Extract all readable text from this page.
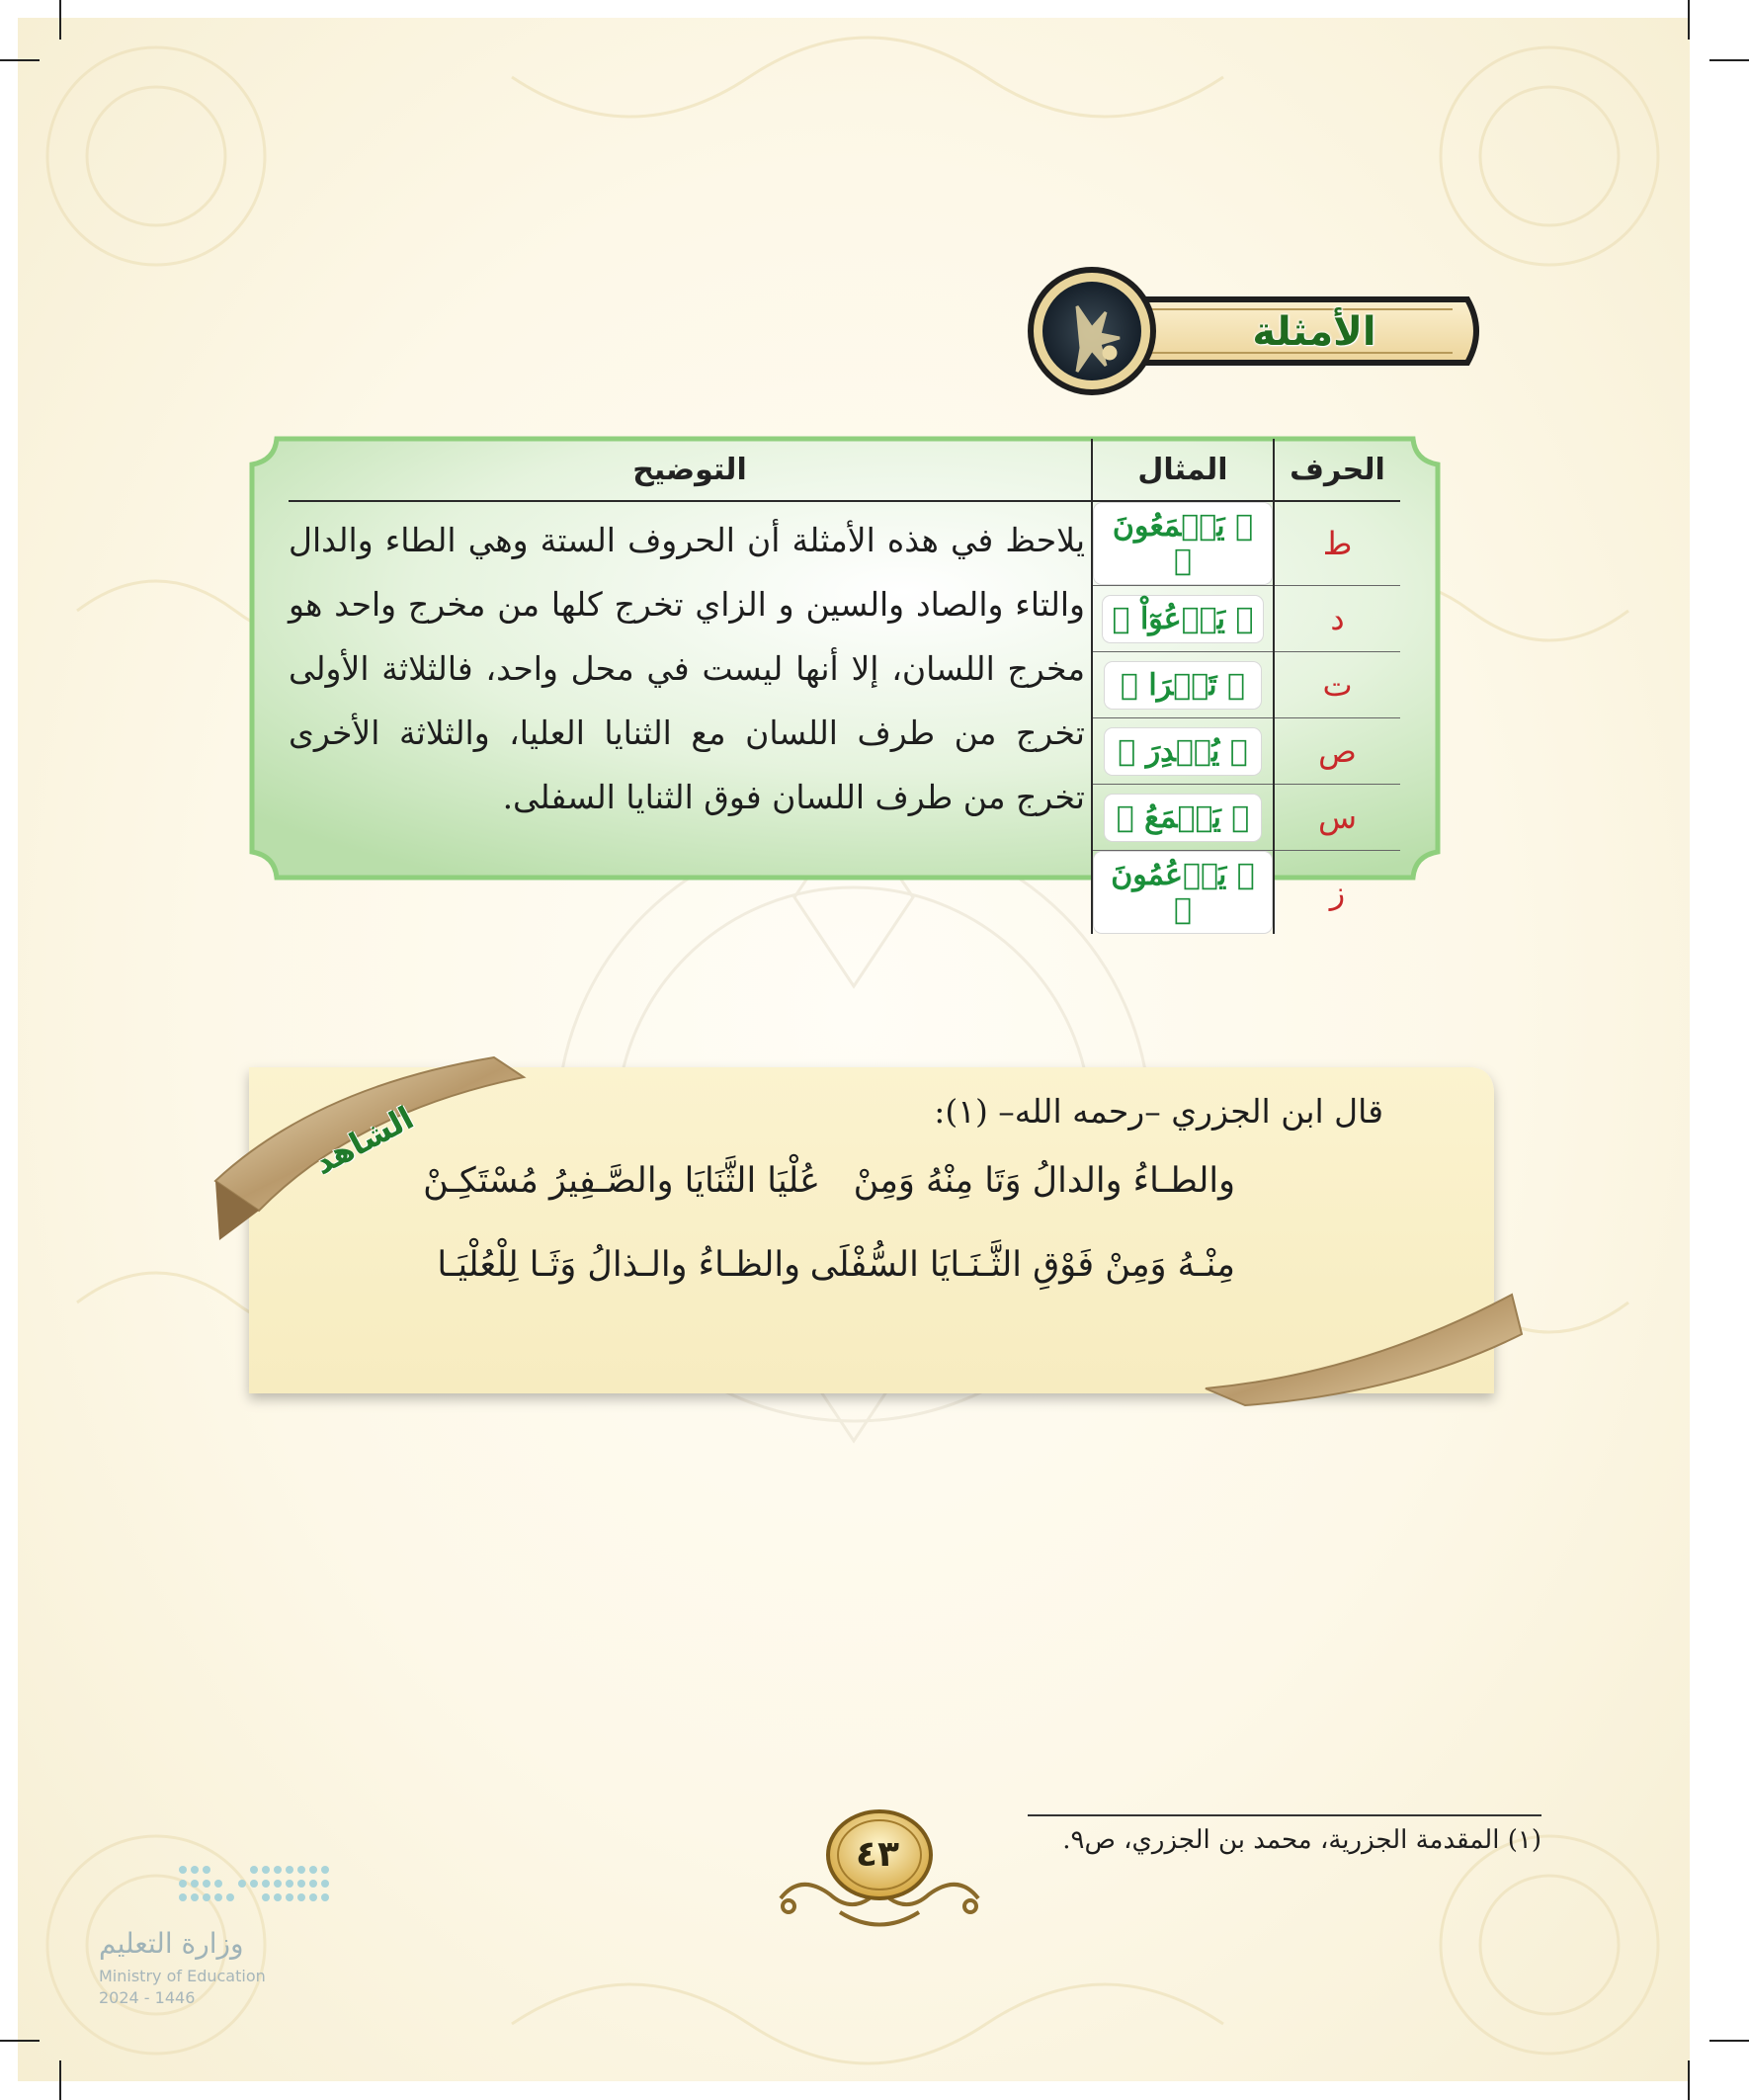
الأمثلة
الحرف	المثال	التوضيح
ط	﴿ يَطۡمَعُونَ ﴾	يلاحظ في هذه الأمثلة أن الحروف الستة وهي الطاء والدال والتاء والصاد والسين و الزاي تخرج كلها من مخرج واحد هو مخرج اللسان، إلا أنها ليست في محل واحد، فالثلاثة الأولى تخرج من طرف اللسان مع الثنايا العليا، والثلاثة الأخرى تخرج من طرف اللسان فوق الثنايا السفلى.

د	﴿ يَدۡعُوٓاْ ﴾	
ت	﴿ تَتۡرَا ﴾	
ص	﴿ يُصۡدِرَ ﴾	
س	﴿ يَسۡمَعُ ﴾	
ز	﴿ يَزۡعُمُونَ ﴾	
الشاهد	قال ابن الجزري –رحمه الله– (١):
والطـاءُ والدالُ وَتَا مِنْهُ وَمِنْ
عُلْيَا الثَّنَايَا والصَّـفِيرُ مُسْتَكِـنْ
مِنْـهُ وَمِنْ فَوْقِ الثَّـنَـايَا السُّفْلَى
والظـاءُ والـذالُ وَثَـا لِلْعُلْيَـا
(١) المقدمة الجزرية، محمد بن الجزري، ص٩.
٤٣
وزارة التعليم
Ministry of Education
2024 - 1446
